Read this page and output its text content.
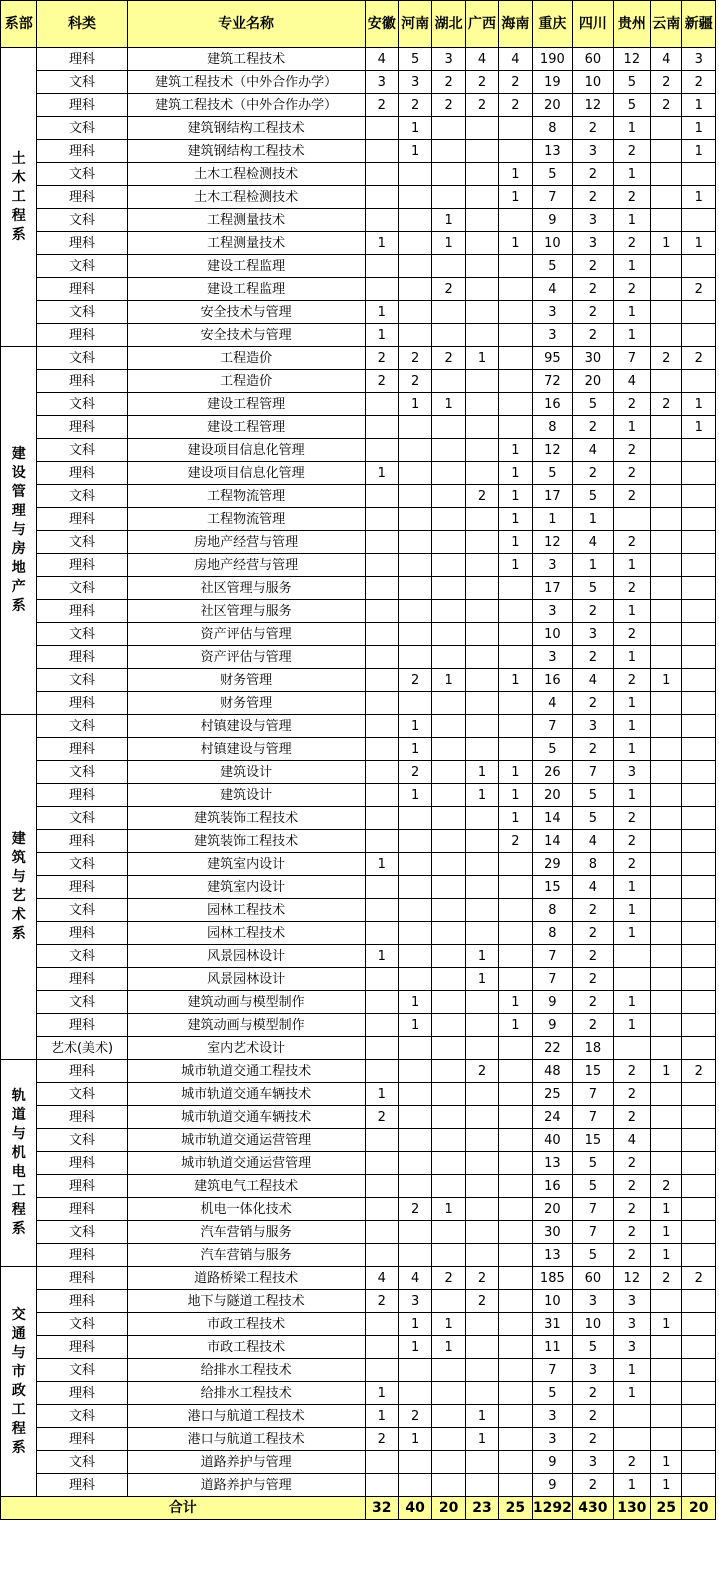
系部	科类	专业名称	安徽	河南	湖北	广西	海南	重庆	四川	贵州	云南	新疆
土木工程系	理科	建筑工程技术	4	5	3	4	4	190	60	12	4	3
	文科	建筑工程技术（中外合作办学）	3	3	2	2	2	19	10	5	2	2
	理科	建筑工程技术（中外合作办学）	2	2	2	2	2	20	12	5	2	1
	文科	建筑钢结构工程技术		1				8	2	1		1
	理科	建筑钢结构工程技术		1				13	3	2		1
	文科	土木工程检测技术					1	5	2	1		
	理科	土木工程检测技术					1	7	2	2		1
	文科	工程测量技术			1			9	3	1		
	理科	工程测量技术	1		1		1	10	3	2	1	1
	文科	建设工程监理						5	2	1		
	理科	建设工程监理			2			4	2	2		2
	文科	安全技术与管理	1					3	2	1		
	理科	安全技术与管理	1					3	2	1		
建设管理与房地产系	文科	工程造价	2	2	2	1		95	30	7	2	2
	理科	工程造价	2	2				72	20	4		
	文科	建设工程管理		1	1			16	5	2	2	1
	理科	建设工程管理						8	2	1		1
	文科	建设项目信息化管理					1	12	4	2		
	理科	建设项目信息化管理	1				1	5	2	2		
	文科	工程物流管理				2	1	17	5	2		
	理科	工程物流管理					1	1	1			
	文科	房地产经营与管理					1	12	4	2		
	理科	房地产经营与管理					1	3	1	1		
	文科	社区管理与服务						17	5	2		
	理科	社区管理与服务						3	2	1		
	文科	资产评估与管理						10	3	2		
	理科	资产评估与管理						3	2	1		
	文科	财务管理		2	1		1	16	4	2	1	
	理科	财务管理						4	2	1		
建筑与艺术系	文科	村镇建设与管理		1				7	3	1		
	理科	村镇建设与管理		1				5	2	1		
	文科	建筑设计		2		1	1	26	7	3		
	理科	建筑设计		1		1	1	20	5	1		
	文科	建筑装饰工程技术					1	14	5	2		
	理科	建筑装饰工程技术					2	14	4	2		
	文科	建筑室内设计	1					29	8	2		
	理科	建筑室内设计						15	4	1		
	文科	园林工程技术						8	2	1		
	理科	园林工程技术						8	2	1		
	文科	风景园林设计	1			1		7	2			
	理科	风景园林设计				1		7	2			
	文科	建筑动画与模型制作		1			1	9	2	1		
	理科	建筑动画与模型制作		1			1	9	2	1		
	艺术(美术)	室内艺术设计						22	18			
轨道与机电工程系	理科	城市轨道交通工程技术				2		48	15	2	1	2
	文科	城市轨道交通车辆技术	1					25	7	2		
	理科	城市轨道交通车辆技术	2					24	7	2		
	文科	城市轨道交通运营管理						40	15	4		
	理科	城市轨道交通运营管理						13	5	2		
	理科	建筑电气工程技术						16	5	2	2	
	理科	机电一体化技术		2	1			20	7	2	1	
	文科	汽车营销与服务						30	7	2	1	
	理科	汽车营销与服务						13	5	2	1	
交通与市政工程系	理科	道路桥梁工程技术	4	4	2	2		185	60	12	2	2
	理科	地下与隧道工程技术	2	3		2		10	3	3		
	文科	市政工程技术		1	1			31	10	3	1	
	理科	市政工程技术		1	1			11	5	3		
	文科	给排水工程技术						7	3	1		
	理科	给排水工程技术	1					5	2	1		
	文科	港口与航道工程技术	1	2		1		3	2			
	理科	港口与航道工程技术	2	1		1		3	2			
	文科	道路养护与管理						9	3	2	1	
	理科	道路养护与管理						9	2	1	1	
合计			32	40	20	23	25	1292	430	130	25	20
